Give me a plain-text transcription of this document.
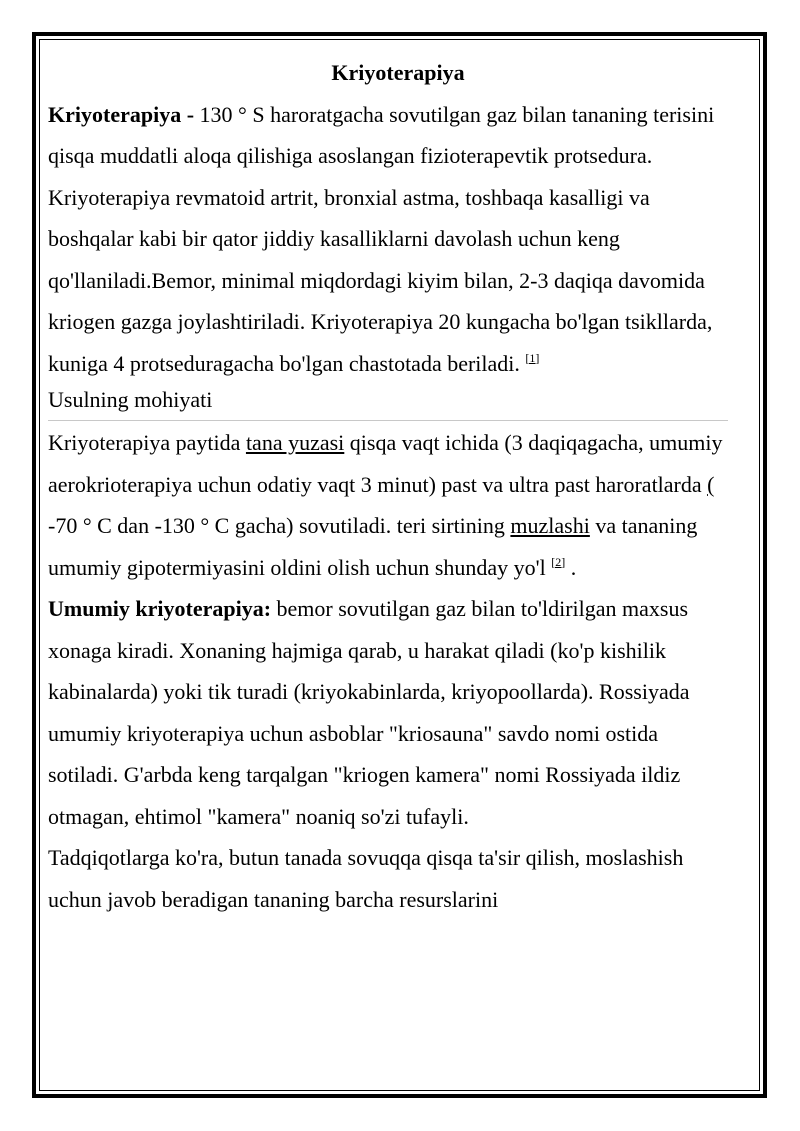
Kriyoterapiya

Kriyoterapiya - 130 ° S haroratgacha sovutilgan gaz bilan tananing terisini qisqa muddatli aloqa qilishiga asoslangan fizioterapevtik protsedura. Kriyoterapiya revmatoid artrit, bronxial astma, toshbaqa kasalligi va boshqalar kabi bir qator jiddiy kasalliklarni davolash uchun keng qo'llaniladi.Bemor, minimal miqdordagi kiyim bilan, 2-3 daqiqa davomida kriogen gazga joylashtiriladi. Kriyoterapiya 20 kungacha bo'lgan tsikllarda, kuniga 4 protseduragacha bo'lgan chastotada beriladi. [1]

Usulning mohiyati

Kriyoterapiya paytida tana yuzasi qisqa vaqt ichida (3 daqiqagacha, umumiy aerokrioterapiya uchun odatiy vaqt 3 minut) past va ultra past haroratlarda ( -70 ° C dan -130 ° C gacha) sovutiladi. teri sirtining muzlashi va tananing umumiy gipotermiyasini oldini olish uchun shunday yo'l [2] .

Umumiy kriyoterapiya: bemor sovutilgan gaz bilan to'ldirilgan maxsus xonaga kiradi. Xonaning hajmiga qarab, u harakat qiladi (ko'p kishilik kabinalarda) yoki tik turadi (kriyokabinlarda, kriyopoollarda). Rossiyada umumiy kriyoterapiya uchun asboblar "kriosauna" savdo nomi ostida sotiladi. G'arbda keng tarqalgan "kriogen kamera" nomi Rossiyada ildiz otmagan, ehtimol "kamera" noaniq so'zi tufayli.

Tadqiqotlarga ko'ra, butun tanada sovuqqa qisqa ta'sir qilish, moslashish uchun javob beradigan tananing barcha resurslarini
